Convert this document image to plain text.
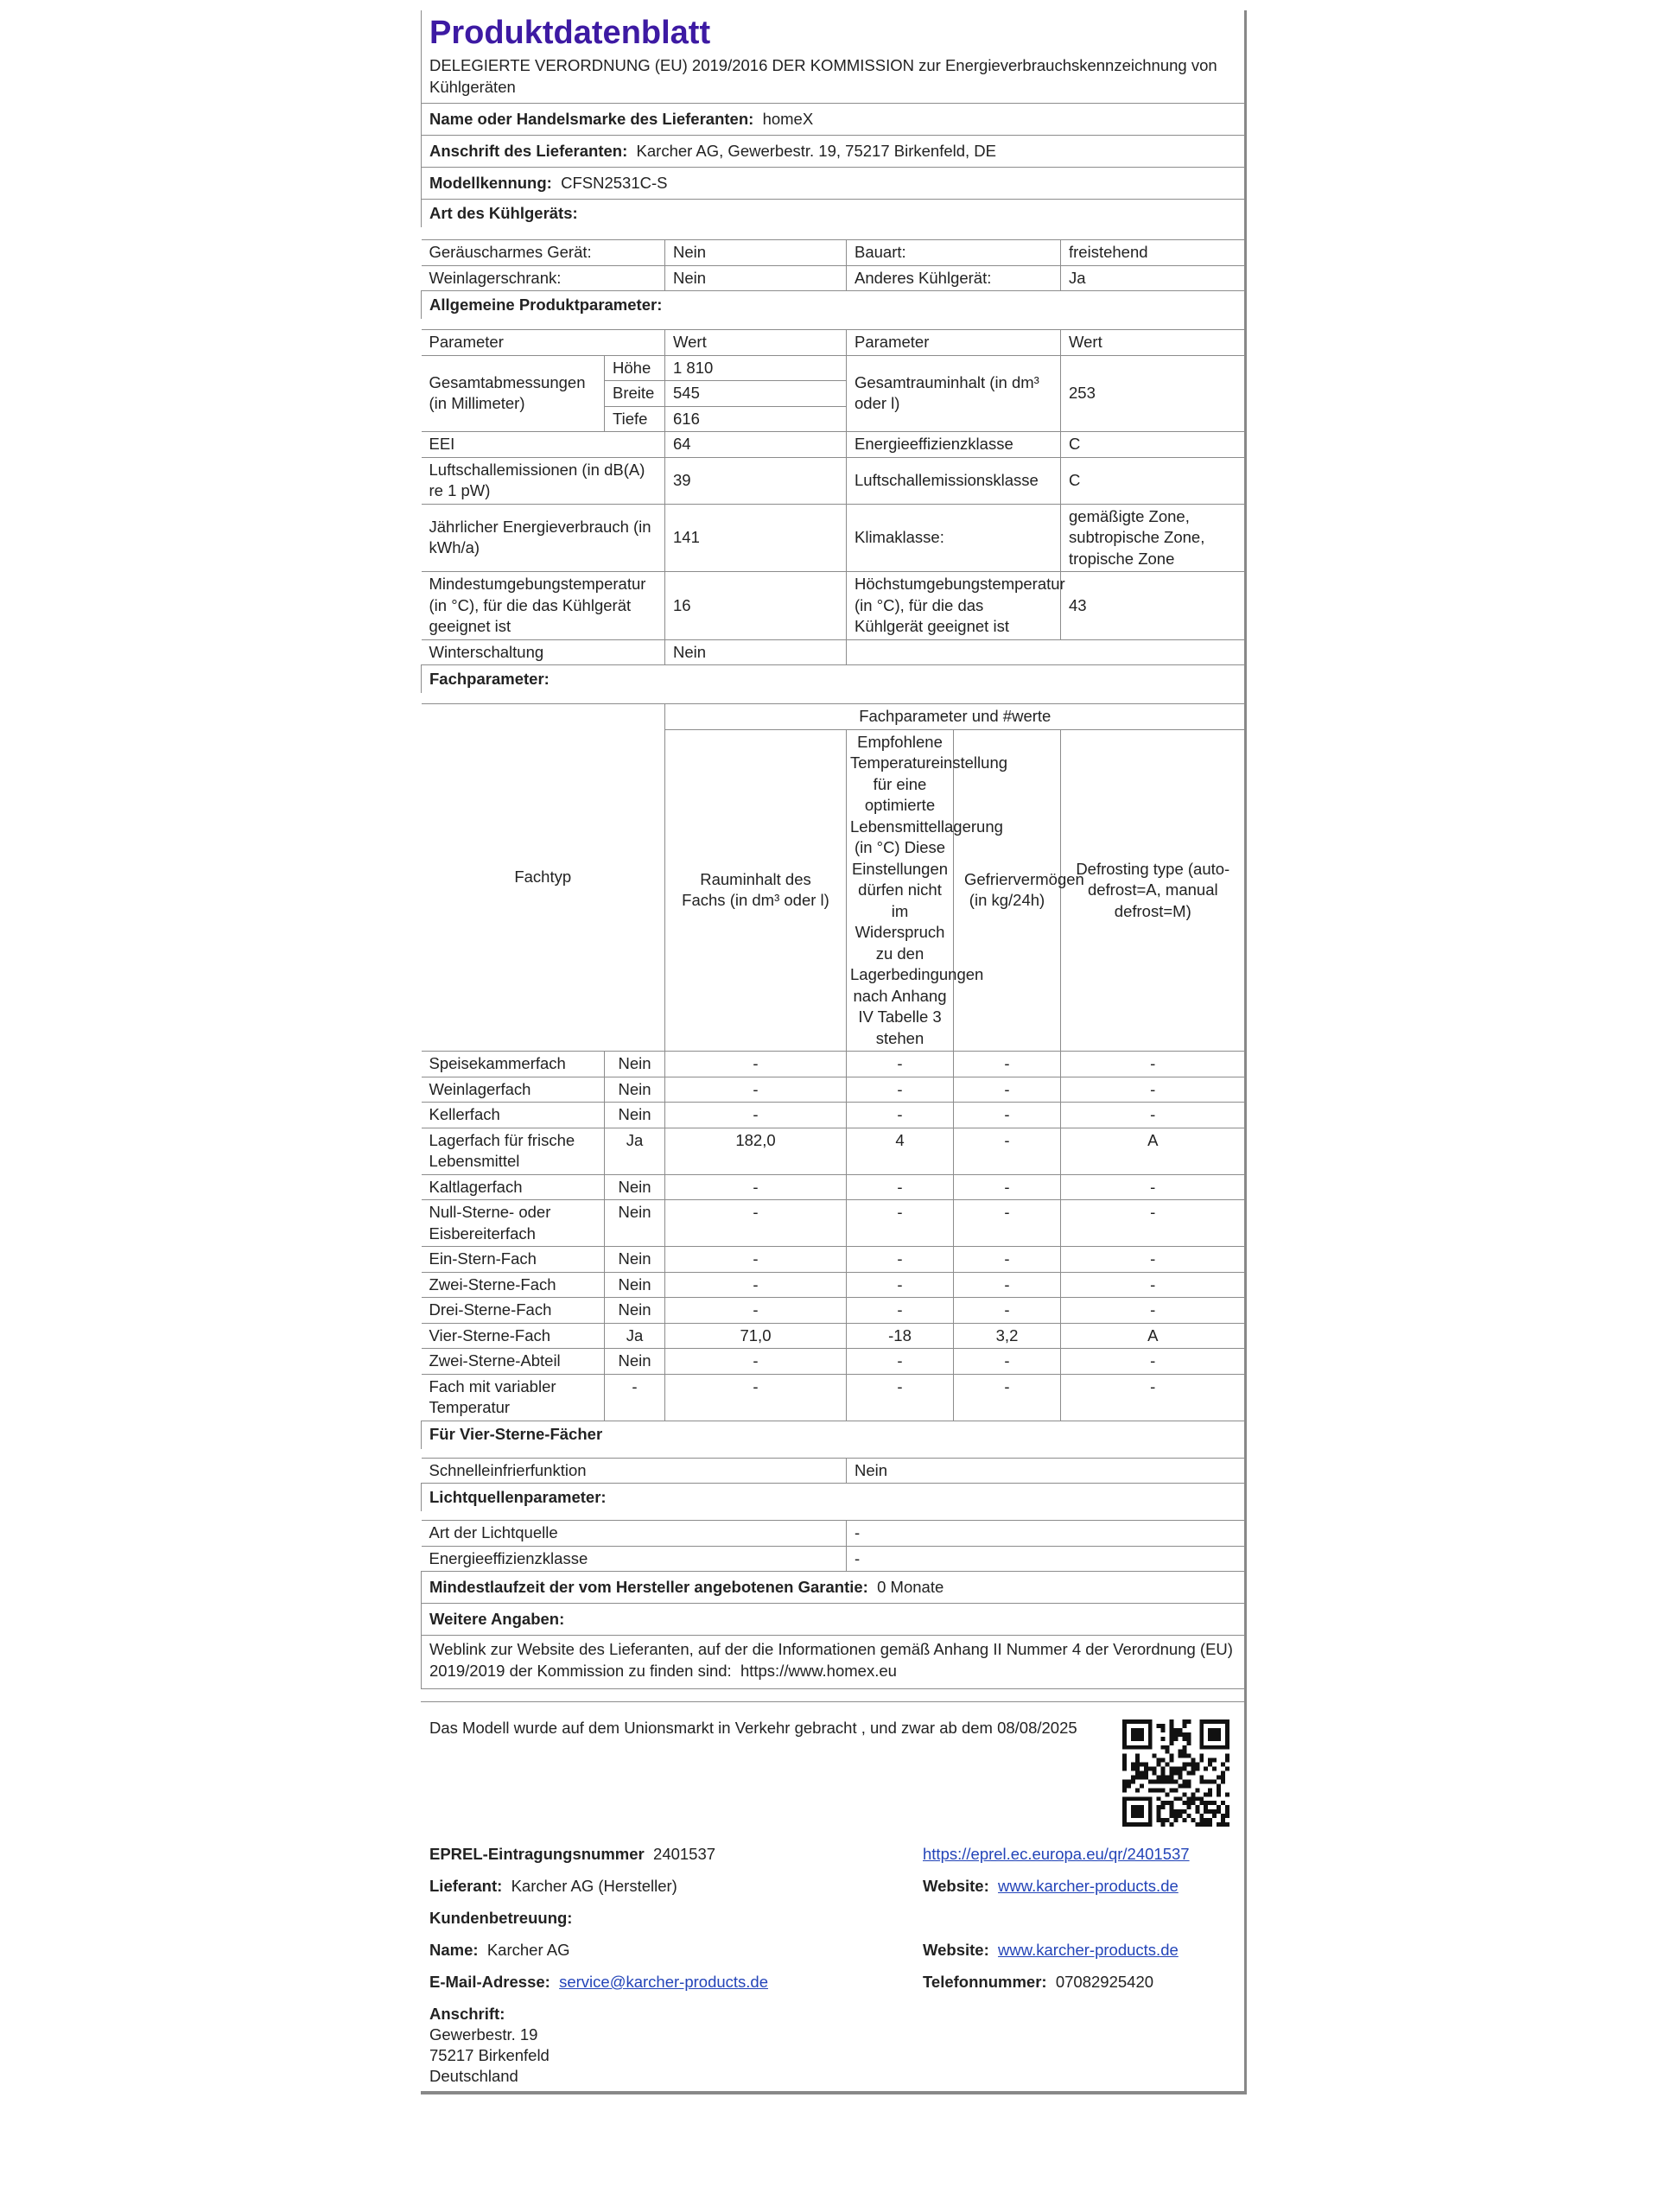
Produktdatenblatt					
DELEGIERTE VERORDNUNG (EU) 2019/2016 DER KOMMISSION zur Energieverbrauchskennzeichnung von Kühlgeräten					
Name oder Handelsmarke des Lieferanten: homeX					
Anschrift des Lieferanten: Karcher AG, Gewerbestr. 19, 75217 Birkenfeld, DE					
Modellkennung: CFSN2531C-S					
Art des Kühlgeräts:					

Geräuscharmes Gerät:		Nein	Bauart:		freistehend
Weinlagerschrank:		Nein	Anderes Kühlgerät:		Ja
Allgemeine Produktparameter:					

Parameter		Wert	Parameter		Wert
Gesamtabmessungen (in Millimeter)	Höhe	1 810	Gesamtrauminhalt (in dm³ oder l)		253
	Breite	545			
	Tiefe	616			
EEI		64	Energieeffizienzklasse		C
Luftschallemissionen (in dB(A) re 1 pW)		39	Luftschallemissionsklasse		C
Jährlicher Energieverbrauch (in kWh/a)		141	Klimaklasse:		gemäßigte Zone, subtropische Zone, tropische Zone
Mindestumgebungstemperatur (in °C), für die das Kühlgerät geeignet ist		16	Höchstumgebungstemperatur (in °C), für die das Kühlgerät geeignet ist		43
Winterschaltung		Nein			
Fachparameter:					

Fachtyp		Fachparameter und #werte			
		Rauminhalt des Fachs (in dm³ oder l)	Empfohlene Temperatureinstellung für eine optimierte Lebensmittellagerung (in °C) Diese Einstellungen dürfen nicht im Widerspruch zu den Lagerbedingungen nach Anhang IV Tabelle 3 stehen	Gefriervermögen (in kg/24h)	Defrosting type (auto-defrost=A, manual defrost=M)
Speisekammerfach	Nein	-	-	-	-
Weinlagerfach	Nein	-	-	-	-
Kellerfach	Nein	-	-	-	-
Lagerfach für frische Lebensmittel	Ja	182,0	4	-	A
Kaltlagerfach	Nein	-	-	-	-
Null-Sterne- oder Eisbereiterfach	Nein	-	-	-	-
Ein-Stern-Fach	Nein	-	-	-	-
Zwei-Sterne-Fach	Nein	-	-	-	-
Drei-Sterne-Fach	Nein	-	-	-	-
Vier-Sterne-Fach	Ja	71,0	-18	3,2	A
Zwei-Sterne-Abteil	Nein	-	-	-	-
Fach mit variabler Temperatur	-	-	-	-	-
Für Vier-Sterne-Fächer					

Schnelleinfrierfunktion			Nein		
Lichtquellenparameter:					

Art der Lichtquelle			-		
Energieeffizienzklasse			-		
Mindestlaufzeit der vom Hersteller angebotenen Garantie: 0 Monate					
Weitere Angaben:					
Weblink zur Website des Lieferanten, auf der die Informationen gemäß Anhang II Nummer 4 der Verordnung (EU) 2019/2019 der Kommission zu finden sind: https://www.homex.eu					

Das Modell wurde auf dem Unionsmarkt in Verkehr gebracht , und zwar ab dem 08/08/2025
EPREL-Eintragungsnummer 2401537	https://eprel.ec.europa.eu/qr/2401537
Lieferant: Karcher AG (Hersteller)	Website: www.karcher-products.de
Kundenbetreuung:
Name: Karcher AG	Website: www.karcher-products.de
E-Mail-Adresse: service@karcher-products.de	Telefonnummer: 07082925420
Anschrift:
Gewerbestr. 19
75217 Birkenfeld
Deutschland
